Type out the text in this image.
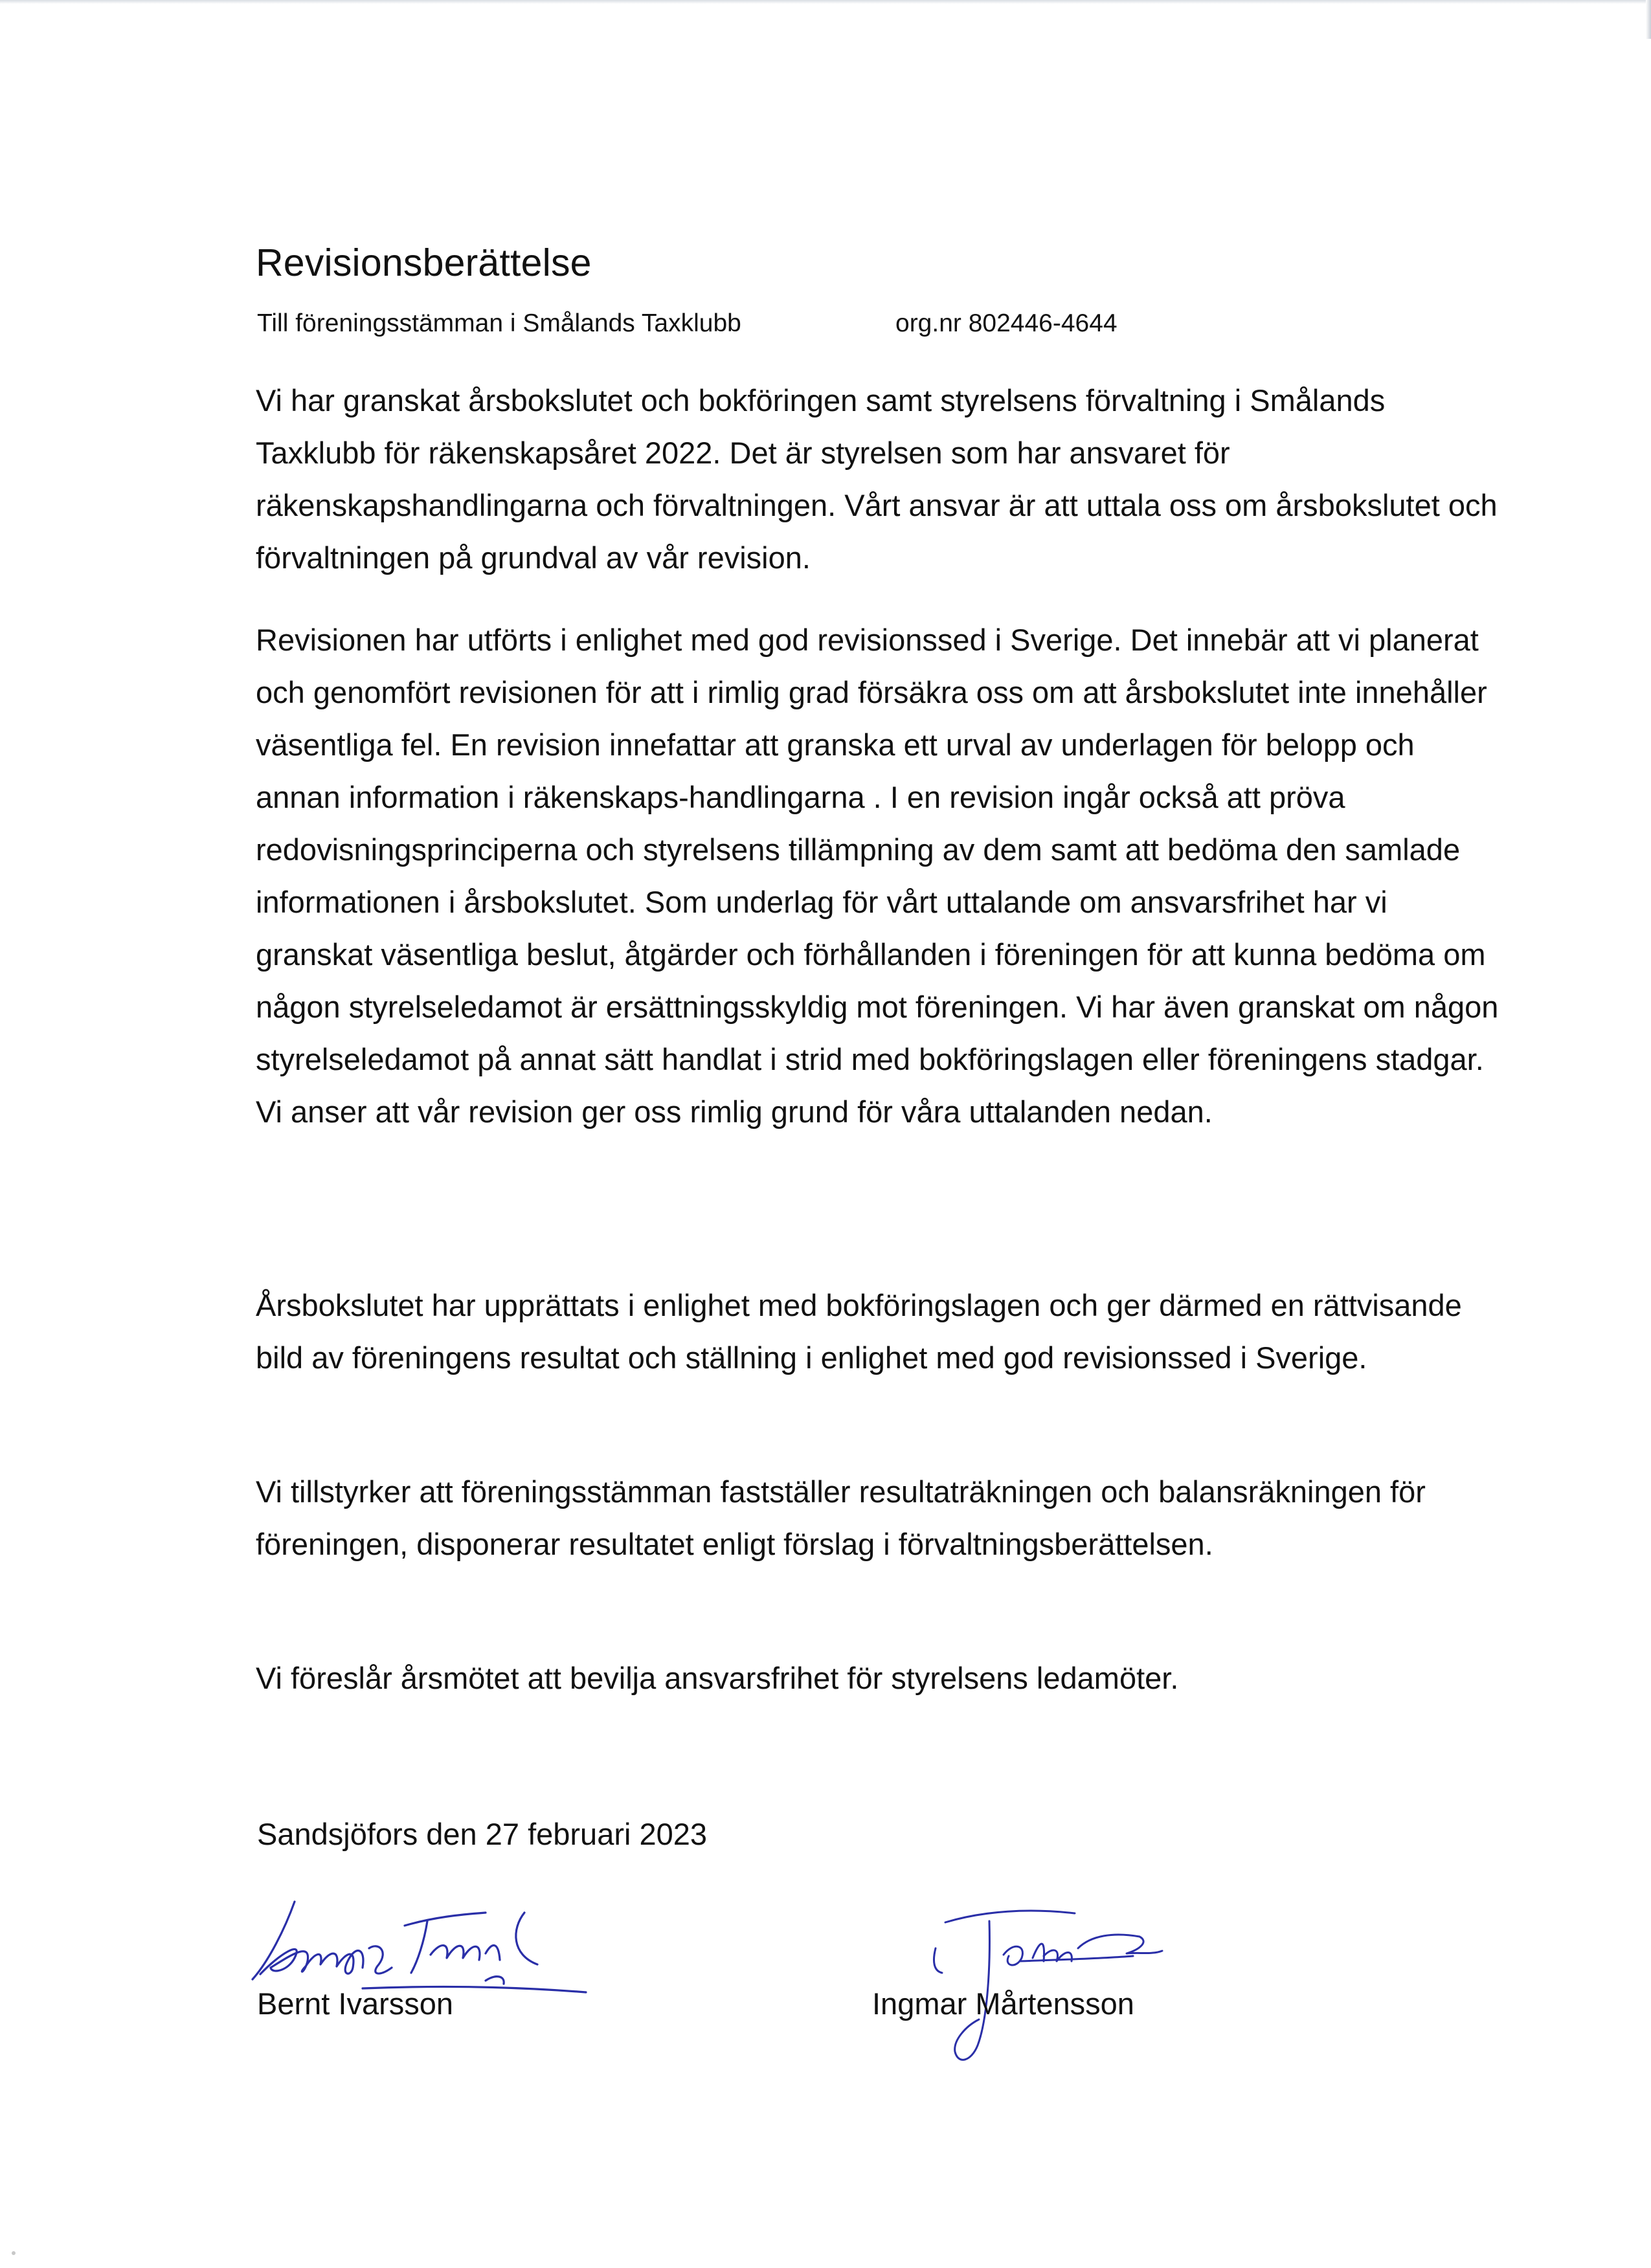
Revisionsberättelse
Till föreningsstämman i Smålands Taxklubb	org.nr 802446-4644

Vi har granskat årsbokslutet och bokföringen samt styrelsens förvaltning i Smålands Taxklubb för räkenskapsåret 2022. Det är styrelsen som har ansvaret för räkenskapshandlingarna och förvaltningen. Vårt ansvar är att uttala oss om årsbokslutet och förvaltningen på grundval av vår revision.

Revisionen har utförts i enlighet med god revisionssed i Sverige. Det innebär att vi planerat och genomfört revisionen för att i rimlig grad försäkra oss om att årsbokslutet inte innehåller väsentliga fel. En revision innefattar att granska ett urval av underlagen för belopp och annan information i räkenskaps-handlingarna . I en revision ingår också att pröva redovisningsprinciperna och styrelsens tillämpning av dem samt att bedöma den samlade informationen i årsbokslutet. Som underlag för vårt uttalande om ansvarsfrihet har vi granskat väsentliga beslut, åtgärder och förhållanden i föreningen för att kunna bedöma om någon styrelseledamot är ersättningsskyldig mot föreningen. Vi har även granskat om någon styrelseledamot på annat sätt handlat i strid med bokföringslagen eller föreningens stadgar. Vi anser att vår revision ger oss rimlig grund för våra uttalanden nedan.

Årsbokslutet har upprättats i enlighet med bokföringslagen och ger därmed en rättvisande bild av föreningens resultat och ställning i enlighet med god revisionssed i Sverige.

Vi tillstyrker att föreningsstämman fastställer resultaträkningen och balansräkningen för föreningen, disponerar resultatet enligt förslag i förvaltningsberättelsen.

Vi föreslår årsmötet att bevilja ansvarsfrihet för styrelsens ledamöter.

Sandsjöfors den 27 februari 2023
Bernt Ivarsson	Ingmar Mårtensson
